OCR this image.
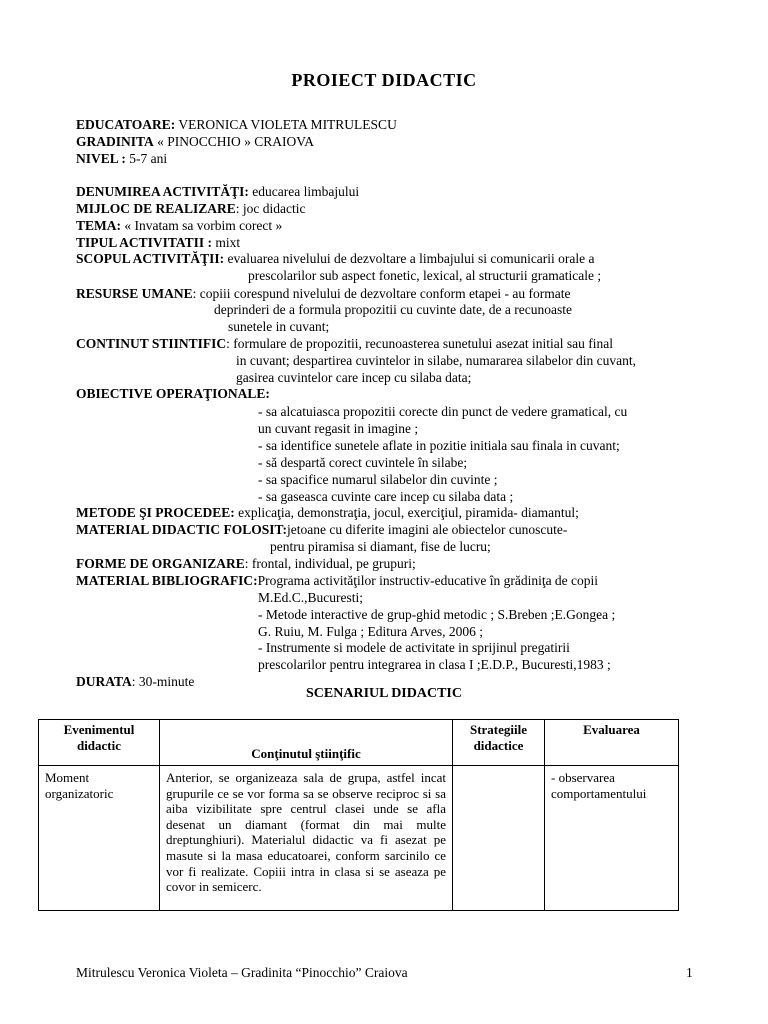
PROIECT DIDACTIC
EDUCATOARE: VERONICA VIOLETA MITRULESCU
GRADINITA « PINOCCHIO » CRAIOVA
NIVEL : 5-7 ani
DENUMIREA ACTIVITĂŢI: educarea limbajului
MIJLOC DE REALIZARE: joc didactic
TEMA: « Invatam sa vorbim corect »
TIPUL ACTIVITATII : mixt
SCOPUL ACTIVITĂŢII: evaluarea nivelului de dezvoltare a limbajului si comunicarii orale a
prescolarilor sub aspect fonetic, lexical, al structurii gramaticale ;
RESURSE UMANE: copiii corespund nivelului de dezvoltare conform etapei - au formate
deprinderi de a formula propozitii cu cuvinte date, de a recunoaste
sunetele in cuvant;
CONTINUT STIINTIFIC: formulare de propozitii, recunoasterea sunetului asezat initial sau final
in cuvant; despartirea cuvintelor in silabe, numararea silabelor din cuvant,
gasirea cuvintelor care incep cu silaba data;
OBIECTIVE OPERAŢIONALE:
- sa alcatuiasca propozitii corecte din punct de vedere gramatical, cu
un cuvant regasit in imagine ;
- sa identifice sunetele aflate in pozitie initiala sau finala in cuvant;
- să despartă corect cuvintele în silabe;
- sa spacifice numarul silabelor din cuvinte ;
- sa gaseasca cuvinte care incep cu silaba data ;
METODE ŞI PROCEDEE: explicaţia, demonstraţia, jocul, exerciţiul, piramida- diamantul;
MATERIAL DIDACTIC FOLOSIT:jetoane cu diferite imagini ale obiectelor cunoscute-
pentru piramisa si diamant, fise de lucru;
FORME DE ORGANIZARE: frontal, individual, pe grupuri;
MATERIAL BIBLIOGRAFIC:Programa activităţilor instructiv-educative în grădiniţa de copii
M.Ed.C.,Bucuresti;
- Metode interactive de grup-ghid metodic ; S.Breben ;E.Gongea ;
G. Ruiu, M. Fulga ; Editura Arves, 2006 ;
- Instrumente si modele de activitate in sprijinul pregatirii
prescolarilor pentru integrarea in clasa I ;E.D.P., Bucuresti,1983 ;
DURATA: 30-minute
SCENARIUL DIDACTIC
Evenimentul didactic	Conţinutul ştiinţific	Strategiile didactice	Evaluarea
Moment organizatoric	Anterior, se organizeaza sala de grupa, astfel incat grupurile ce se vor forma sa se observe reciproc si sa aiba vizibilitate spre centrul clasei unde se afla desenat un diamant (format din mai multe dreptunghiuri). Materialul didactic va fi asezat pe masute si la masa educatoarei, conform sarcinilo ce vor fi realizate. Copiii intra in clasa si se aseaza pe covor in semicerc.		- observarea comportamentului
Mitrulescu Veronica Violeta – Gradinita “Pinocchio” Craiova	1
